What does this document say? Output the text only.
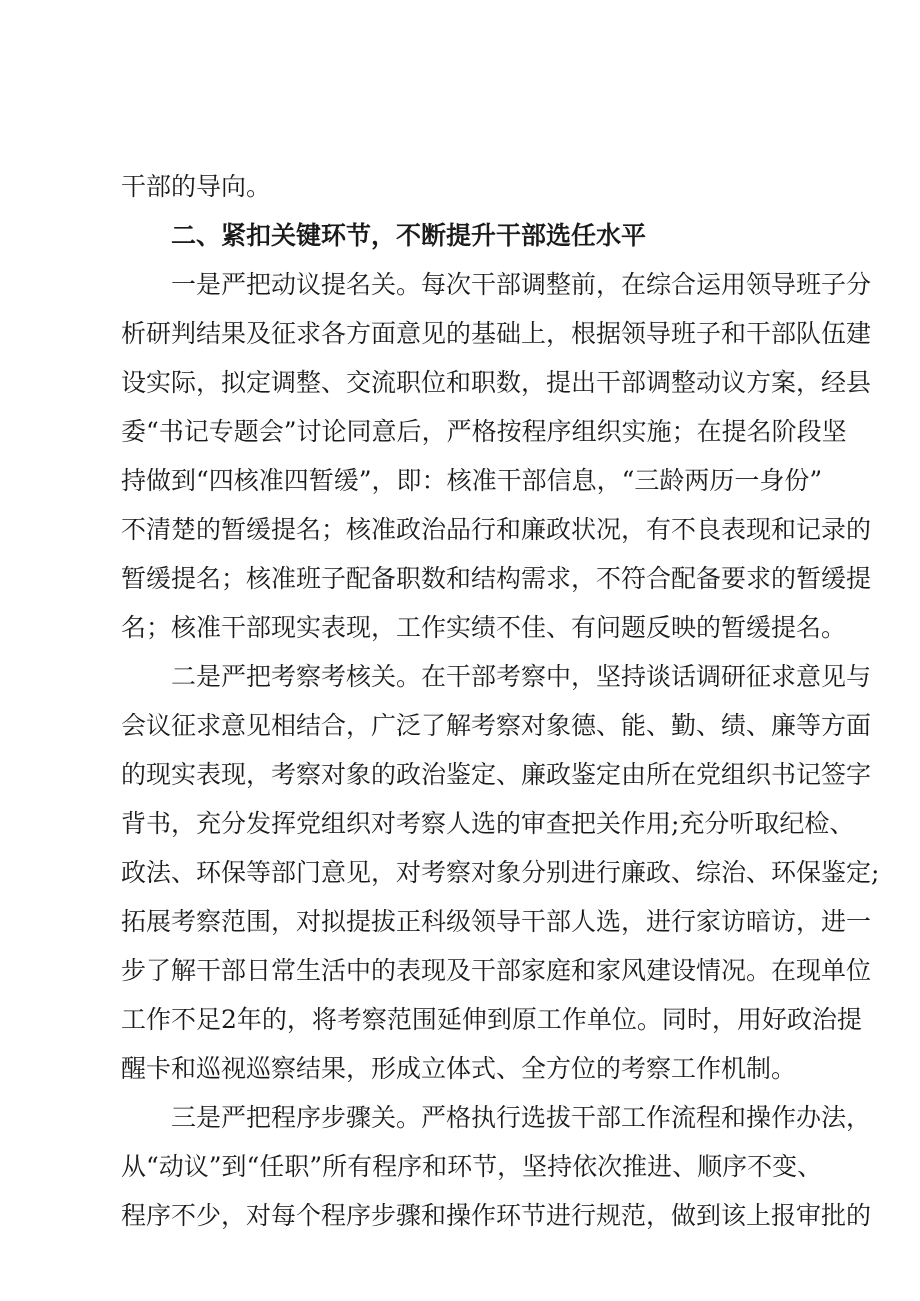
干部的导向。
二、紧扣关键环节，不断提升干部选任水平
一是严把动议提名关。每次干部调整前，在综合运用领导班子分
析研判结果及征求各方面意见的基础上，根据领导班子和干部队伍建
设实际，拟定调整、交流职位和职数，提出干部调整动议方案，经县
委“书记专题会”讨论同意后，严格按程序组织实施；在提名阶段坚
持做到“四核准四暂缓”，即：核准干部信息，“三龄两历一身份”
不清楚的暂缓提名；核准政治品行和廉政状况，有不良表现和记录的
暂缓提名；核准班子配备职数和结构需求，不符合配备要求的暂缓提
名；核准干部现实表现，工作实绩不佳、有问题反映的暂缓提名。
二是严把考察考核关。在干部考察中，坚持谈话调研征求意见与
会议征求意见相结合，广泛了解考察对象德、能、勤、绩、廉等方面
的现实表现，考察对象的政治鉴定、廉政鉴定由所在党组织书记签字
背书，充分发挥党组织对考察人选的审查把关作用;充分听取纪检、
政法、环保等部门意见，对考察对象分别进行廉政、综治、环保鉴定;
拓展考察范围，对拟提拔正科级领导干部人选，进行家访暗访，进一
步了解干部日常生活中的表现及干部家庭和家风建设情况。在现单位
工作不足2年的，将考察范围延伸到原工作单位。同时，用好政治提
醒卡和巡视巡察结果，形成立体式、全方位的考察工作机制。
三是严把程序步骤关。严格执行选拔干部工作流程和操作办法，
从“动议”到“任职”所有程序和环节，坚持依次推进、顺序不变、
程序不少，对每个程序步骤和操作环节进行规范，做到该上报审批的
